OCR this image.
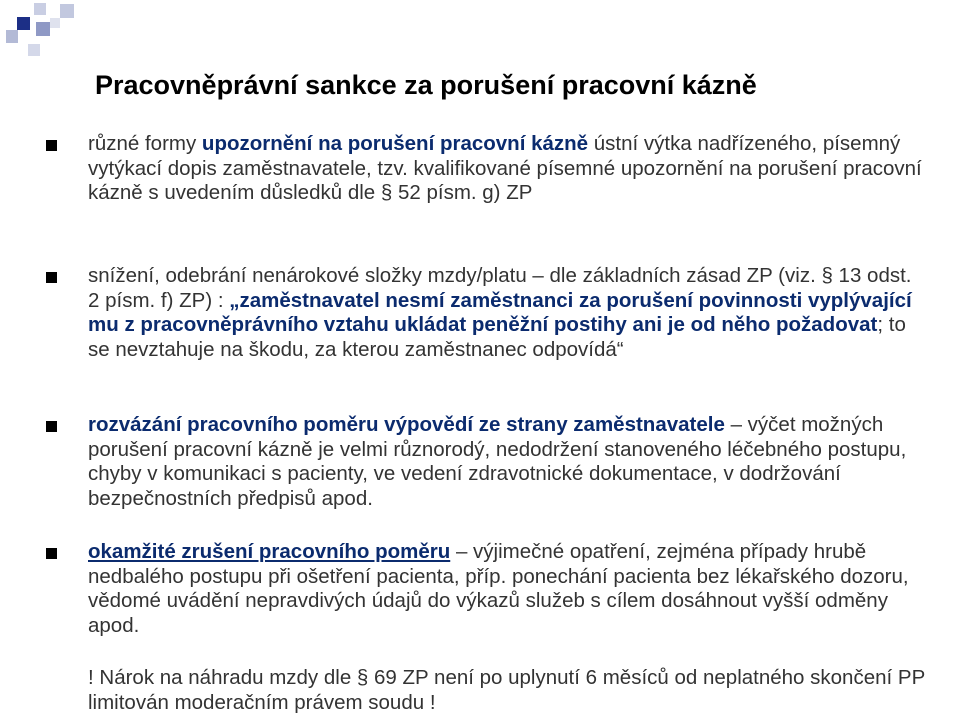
Pracovněprávní sankce za porušení pracovní kázně
různé formy upozornění na porušení pracovní kázně ústní výtka nadřízeného, písemný vytýkací dopis zaměstnavatele, tzv. kvalifikované písemné upozornění na porušení pracovní kázně s uvedením důsledků dle § 52 písm. g) ZP
snížení, odebrání nenárokové složky mzdy/platu – dle základních zásad ZP (viz. § 13 odst. 2 písm. f) ZP) : „zaměstnavatel nesmí zaměstnanci za porušení povinnosti vyplývající mu z pracovněprávního vztahu ukládat peněžní postihy ani je od něho požadovat; to se nevztahuje na škodu, za kterou zaměstnanec odpovídá“
rozvázání pracovního poměru výpovědí ze strany zaměstnavatele – výčet možných porušení pracovní kázně je velmi různorodý, nedodržení stanoveného léčebného postupu, chyby v komunikaci s pacienty, ve vedení zdravotnické dokumentace, v dodržování bezpečnostních předpisů apod.
okamžité zrušení pracovního poměru – výjimečné opatření, zejména případy hrubě nedbalého postupu při ošetření pacienta, příp. ponechání pacienta bez lékařského dozoru, vědomé uvádění nepravdivých údajů do výkazů služeb s cílem dosáhnout vyšší odměny apod.
! Nárok na náhradu mzdy dle § 69 ZP není po uplynutí 6 měsíců od neplatného skončení PP limitován moderačním právem soudu !
